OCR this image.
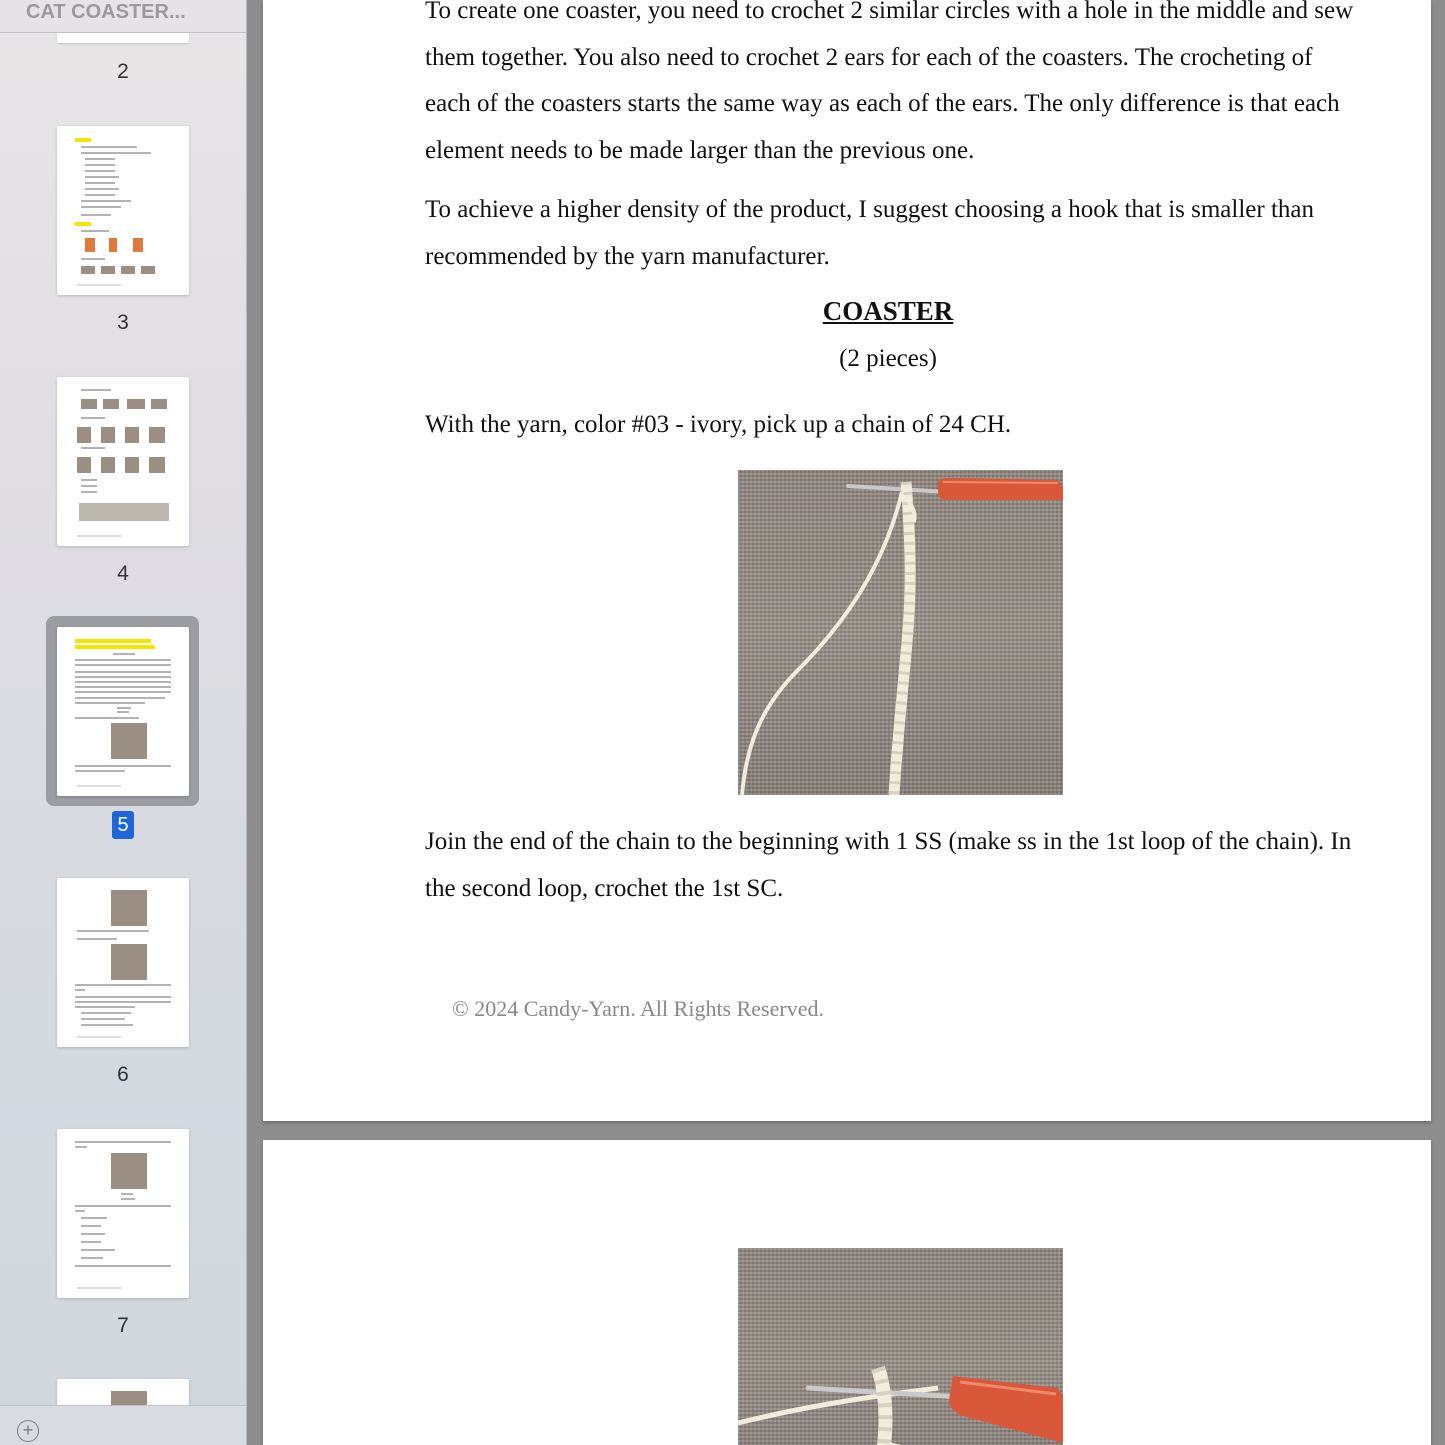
CAT COASTER...
2
3
4
5
6
7
+
To create one coaster, you need to crochet 2 similar circles with a hole in the middle and sew them together. You also need to crochet 2 ears for each of the coasters. The crocheting of each of the coasters starts the same way as each of the ears. The only difference is that each element needs to be made larger than the previous one.
To achieve a higher density of the product, I suggest choosing a hook that is smaller than recommended by the yarn manufacturer.
COASTER
(2 pieces)
With the yarn, color #03 - ivory, pick up a chain of 24 CH.
Join the end of the chain to the beginning with 1 SS (make ss in the 1st loop of the chain). In the second loop, crochet the 1st SC.
© 2024 Candy-Yarn. All Rights Reserved.
